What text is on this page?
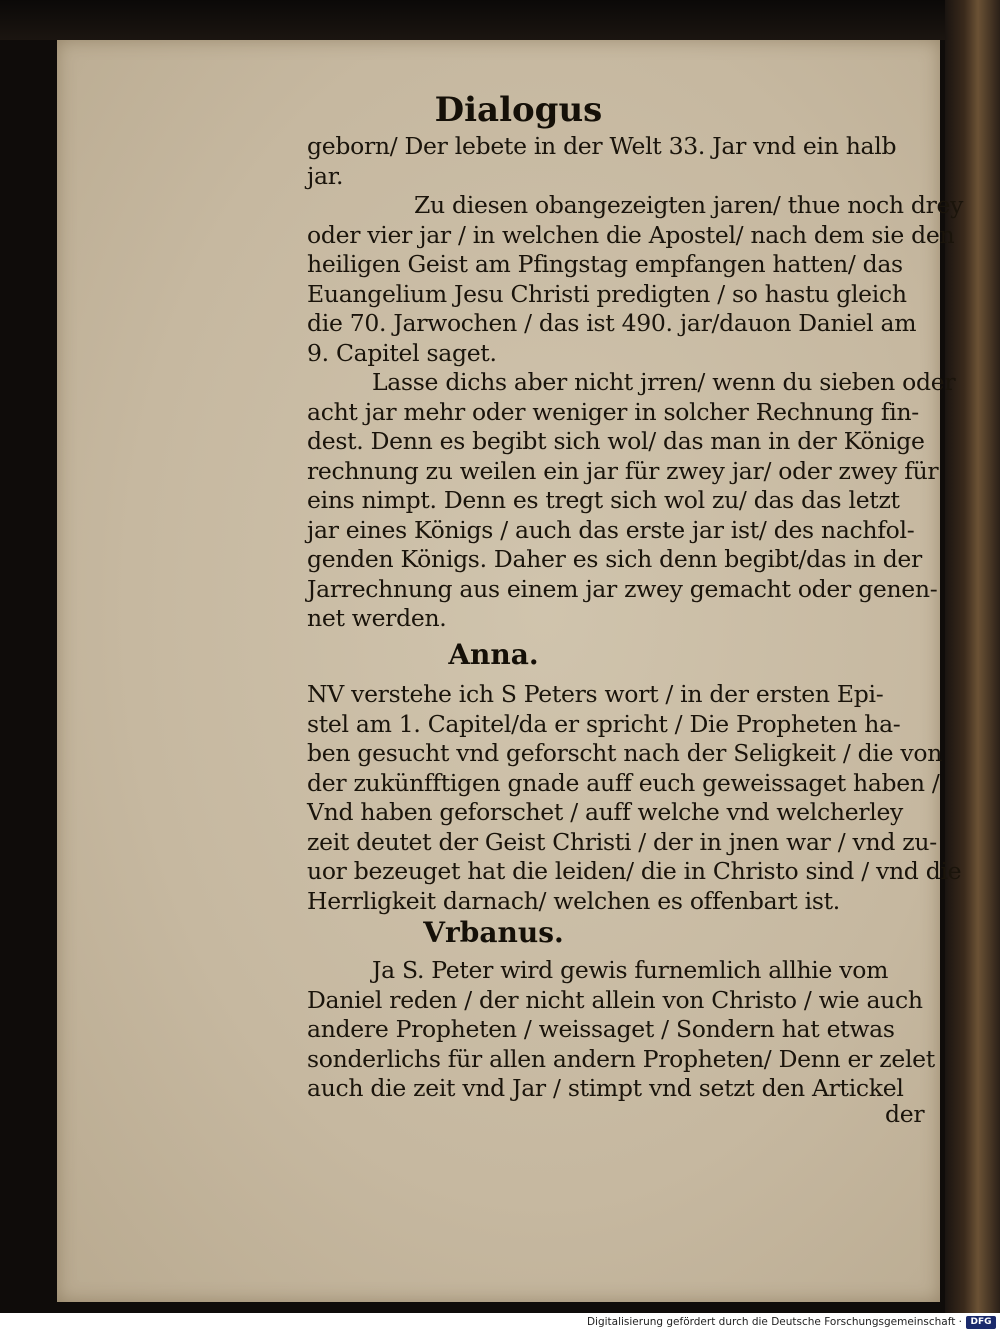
Dialogus
geborn/ Der lebete in der Welt 33. Jar vnd ein halb
jar.
Zu diesen obangezeigten jaren/ thue noch drey
oder vier jar / in welchen die Apostel/ nach dem sie den
heiligen Geist am Pfingstag empfangen hatten/ das
Euangelium Jesu Christi predigten / so hastu gleich
die 70. Jarwochen / das ist 490. jar/dauon Daniel am
9. Capitel saget.
Lasse dichs aber nicht jrren/ wenn du sieben oder
acht jar mehr oder weniger in solcher Rechnung fin-
dest. Denn es begibt sich wol/ das man in der Könige
rechnung zu weilen ein jar für zwey jar/ oder zwey für
eins nimpt. Denn es tregt sich wol zu/ das das letzt
jar eines Königs / auch das erste jar ist/ des nachfol-
genden Königs. Daher es sich denn begibt/das in der
Jarrechnung aus einem jar zwey gemacht oder genen-
net werden.
Anna.
NV verstehe ich S Peters wort / in der ersten Epi-
stel am 1. Capitel/da er spricht / Die Propheten ha-
ben gesucht vnd geforscht nach der Seligkeit / die von
der zukünfftigen gnade auff euch geweissaget haben /
Vnd haben geforschet / auff welche vnd welcherley
zeit deutet der Geist Christi / der in jnen war / vnd zu-
uor bezeuget hat die leiden/ die in Christo sind / vnd die
Herrligkeit darnach/ welchen es offenbart ist.
Vrbanus.
Ja S. Peter wird gewis furnemlich allhie vom
Daniel reden / der nicht allein von Christo / wie auch
andere Propheten / weissaget / Sondern hat etwas
sonderlichs für allen andern Propheten/ Denn er zelet
auch die zeit vnd Jar / stimpt vnd setzt den Artickel
der
Digitalisierung gefördert durch die Deutsche Forschungsgemeinschaft · DFG
